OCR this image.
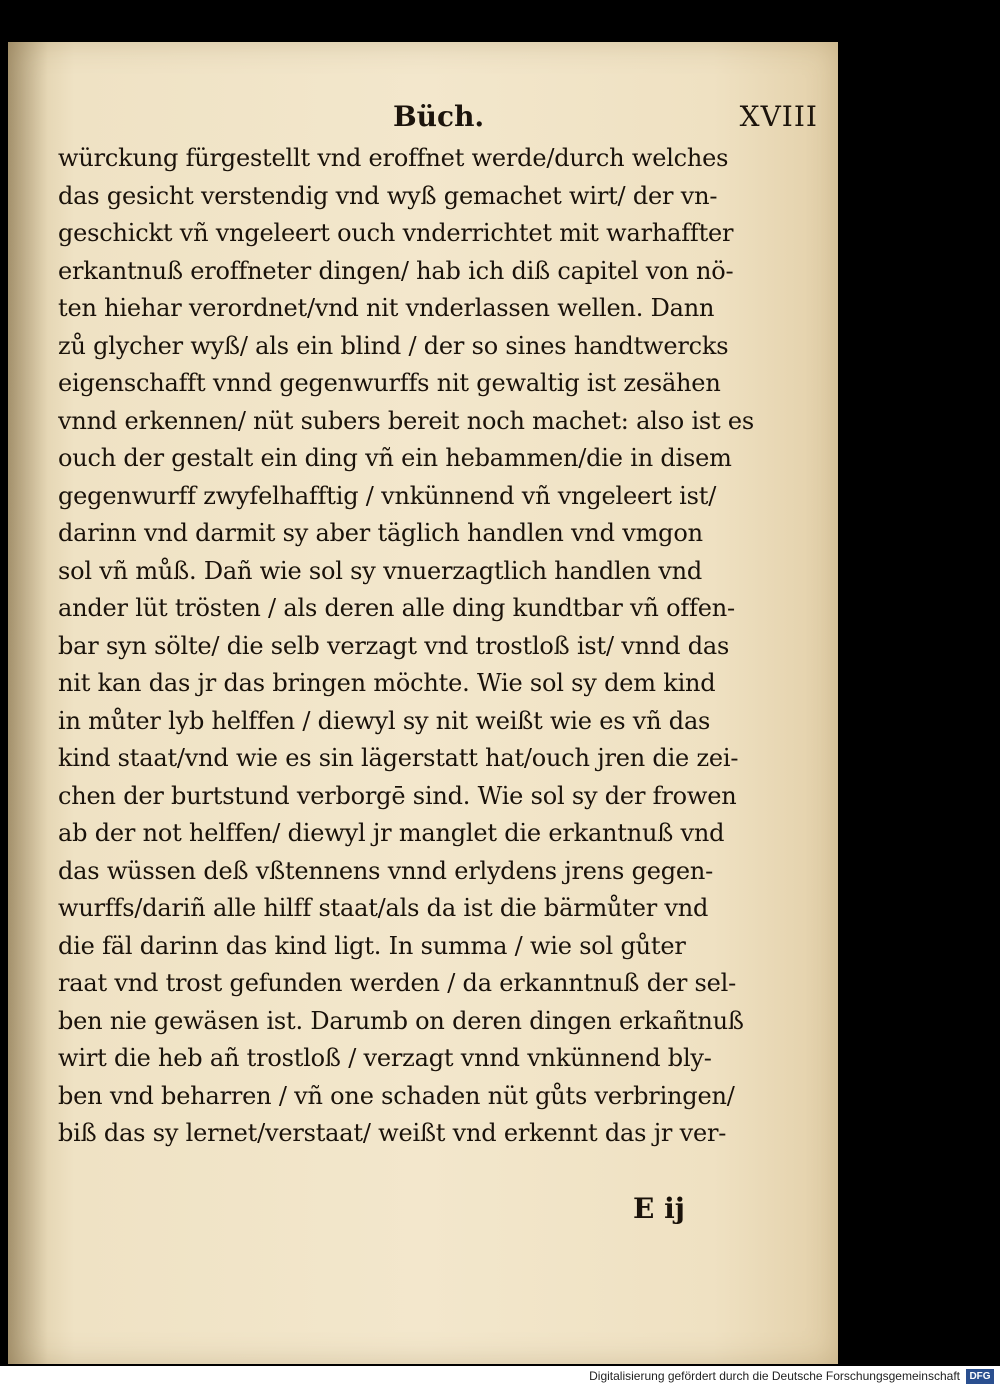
Büch.	XVIII
würckung fürgestellt vnd eroffnet werde/durch welches
das gesicht verstendig vnd wyß gemachet wirt/ der vn-
geschickt vñ vngeleert ouch vnderrichtet mit warhaffter
erkantnuß eroffneter dingen/ hab ich diß capitel von nö-
ten hiehar verordnet/vnd nit vnderlassen wellen. Dann
zů glycher wyß/ als ein blind / der so sines handtwercks
eigenschafft vnnd gegenwurffs nit gewaltig ist zesähen
vnnd erkennen/ nüt subers bereit noch machet: also ist es
ouch der gestalt ein ding vñ ein hebammen/die in disem
gegenwurff zwyfelhafftig / vnkünnend vñ vngeleert ist/
darinn vnd darmit sy aber täglich handlen vnd vmgon
sol vñ můß. Dañ wie sol sy vnuerzagtlich handlen vnd
ander lüt trösten / als deren alle ding kundtbar vñ offen-
bar syn sölte/ die selb verzagt vnd trostloß ist/ vnnd das
nit kan das jr das bringen möchte. Wie sol sy dem kind
in můter lyb helffen / diewyl sy nit weißt wie es vñ das
kind staat/vnd wie es sin lägerstatt hat/ouch jren die zei-
chen der burtstund verborgē sind. Wie sol sy der frowen
ab der not helffen/ diewyl jr manglet die erkantnuß vnd
das wüssen deß vßtennens vnnd erlydens jrens gegen-
wurffs/dariñ alle hilff staat/als da ist die bärmůter vnd
die fäl darinn das kind ligt. In summa / wie sol gůter
raat vnd trost gefunden werden / da erkanntnuß der sel-
ben nie gewäsen ist. Darumb on deren dingen erkañtnuß
wirt die heb añ trostloß / verzagt vnnd vnkünnend bly-
ben vnd beharren / vñ one schaden nüt gůts verbringen/
biß das sy lernet/verstaat/ weißt vnd erkennt das jr ver-
E ij
Digitalisierung gefördert durch die Deutsche Forschungsgemeinschaft DFG
